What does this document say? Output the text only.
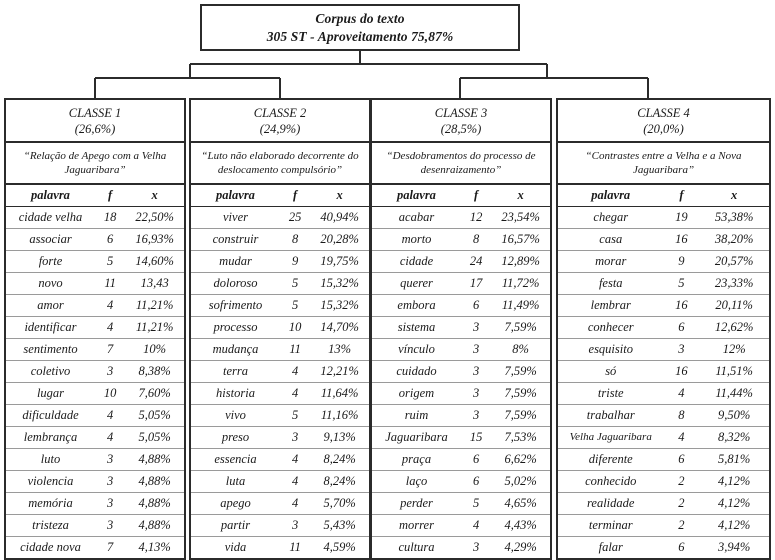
Corpus do texto
305 ST - Aproveitamento 75,87%
CLASSE 1
(26,6%)
“Relação de Apego com a Velha Jaguaribara”
palavra	f	x
cidade velha	18	22,50%
associar	6	16,93%
forte	5	14,60%
novo	11	13,43
amor	4	11,21%
identificar	4	11,21%
sentimento	7	10%
coletivo	3	8,38%
lugar	10	7,60%
dificuldade	4	5,05%
lembrança	4	5,05%
luto	3	4,88%
violencia	3	4,88%
memória	3	4,88%
tristeza	3	4,88%
cidade nova	7	4,13%
CLASSE 2
(24,9%)
“Luto não elaborado decorrente do deslocamento compulsório”
palavra	f	x
viver	25	40,94%
construir	8	20,28%
mudar	9	19,75%
doloroso	5	15,32%
sofrimento	5	15,32%
processo	10	14,70%
mudança	11	13%
terra	4	12,21%
historia	4	11,64%
vivo	5	11,16%
preso	3	9,13%
essencia	4	8,24%
luta	4	8,24%
apego	4	5,70%
partir	3	5,43%
vida	11	4,59%
CLASSE 3
(28,5%)
“Desdobramentos do processo de desenraizamento”
palavra	f	x
acabar	12	23,54%
morto	8	16,57%
cidade	24	12,89%
querer	17	11,72%
embora	6	11,49%
sistema	3	7,59%
vínculo	3	8%
cuidado	3	7,59%
origem	3	7,59%
ruim	3	7,59%
Jaguaribara	15	7,53%
praça	6	6,62%
laço	6	5,02%
perder	5	4,65%
morrer	4	4,43%
cultura	3	4,29%
CLASSE 4
(20,0%)
“Contrastes entre a Velha e a Nova Jaguaribara”
palavra	f	x
chegar	19	53,38%
casa	16	38,20%
morar	9	20,57%
festa	5	23,33%
lembrar	16	20,11%
conhecer	6	12,62%
esquisito	3	12%
só	16	11,51%
triste	4	11,44%
trabalhar	8	9,50%
Velha Jaguaribara	4	8,32%
diferente	6	5,81%
conhecido	2	4,12%
realidade	2	4,12%
terminar	2	4,12%
falar	6	3,94%
